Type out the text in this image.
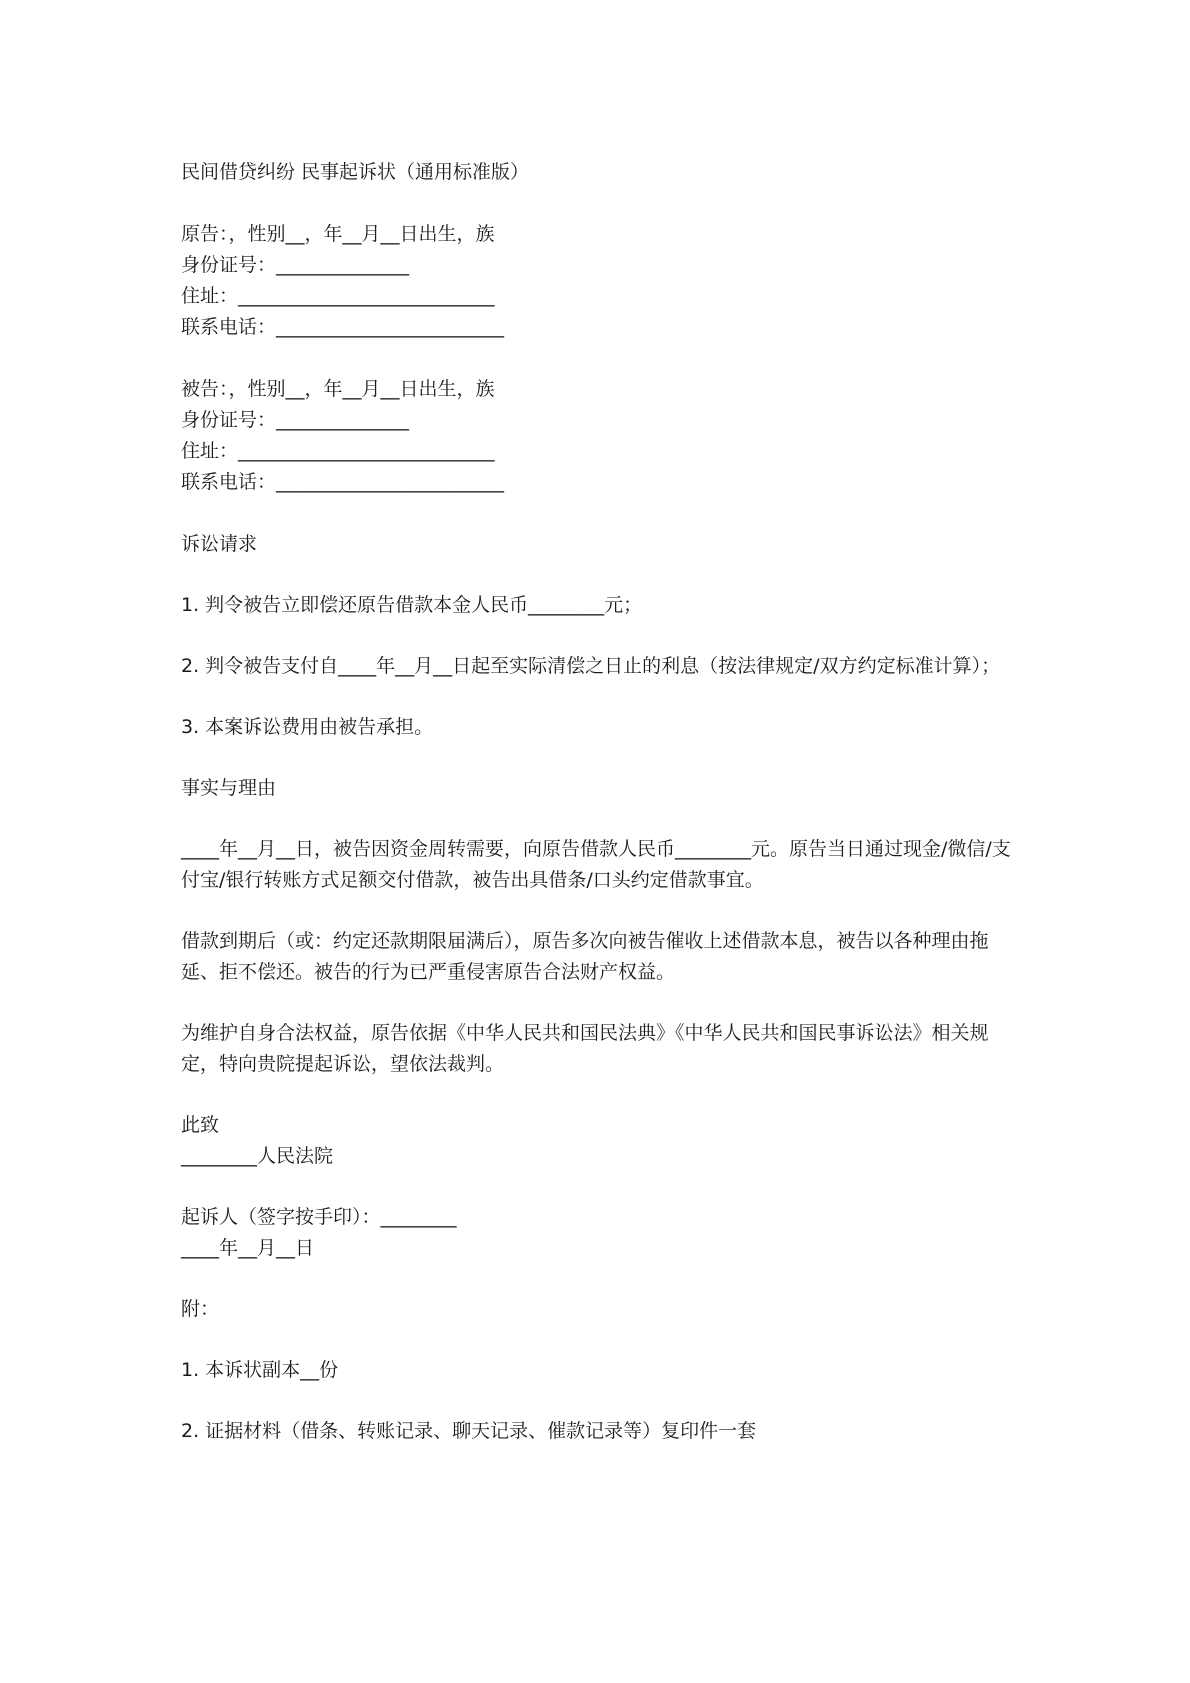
民间借贷纠纷 民事起诉状（通用标准版）

原告：，性别__，年__月__日出生，族

身份证号：______________

住址：___________________________

联系电话：________________________

被告：，性别__，年__月__日出生，族

身份证号：______________

住址：___________________________

联系电话：________________________

诉讼请求

1. 判令被告立即偿还原告借款本金人民币________元；

2. 判令被告支付自____年__月__日起至实际清偿之日止的利息（按法律规定/双方约定标准计算）；

3. 本案诉讼费用由被告承担。

事实与理由

____年__月__日，被告因资金周转需要，向原告借款人民币________元。原告当日通过现金/微信/支付宝/银行转账方式足额交付借款，被告出具借条/口头约定借款事宜。

借款到期后（或：约定还款期限届满后），原告多次向被告催收上述借款本息，被告以各种理由拖延、拒不偿还。被告的行为已严重侵害原告合法财产权益。

为维护自身合法权益，原告依据《中华人民共和国民法典》《中华人民共和国民事诉讼法》相关规定，特向贵院提起诉讼，望依法裁判。

此致

________人民法院

起诉人（签字按手印）：________

____年__月__日

附：

1. 本诉状副本__份

2. 证据材料（借条、转账记录、聊天记录、催款记录等）复印件一套
